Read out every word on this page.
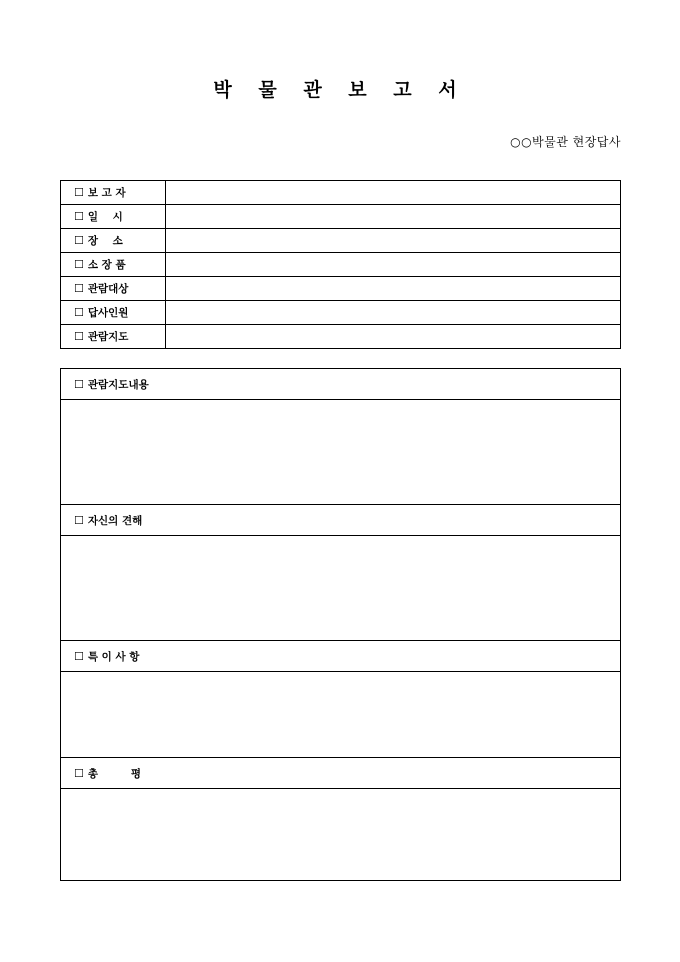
박 물 관 보 고 서
○○박물관 현장답사
☐ 보 고 자	
☐ 일    시	
☐ 장    소	
☐ 소 장 품	
☐ 관람대상	
☐ 답사인원	
☐ 관람지도	
☐ 관람지도내용

☐ 자신의 견해

☐ 특 이 사 항

☐ 총         평
